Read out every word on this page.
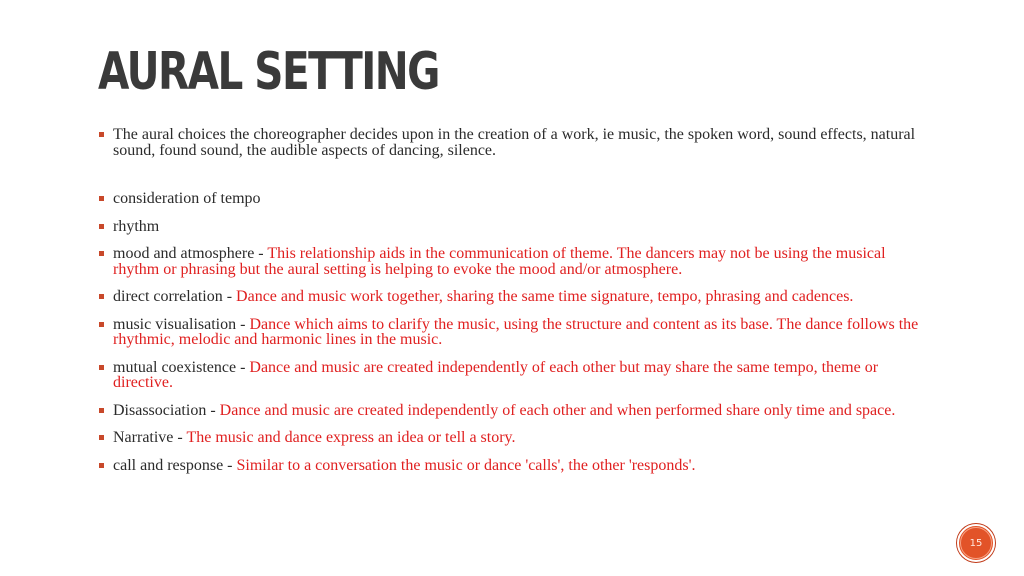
AURAL SETTING
The aural choices the choreographer decides upon in the creation of a work, ie music, the spoken word, sound effects, natural sound, found sound, the audible aspects of dancing, silence.
consideration of tempo
rhythm
mood and atmosphere - This relationship aids in the communication of theme. The dancers may not be using the musical rhythm or phrasing but the aural setting is helping to evoke the mood and/or atmosphere.
direct correlation - Dance and music work together, sharing the same time signature, tempo, phrasing and cadences.
music visualisation - Dance which aims to clarify the music, using the structure and content as its base. The dance follows the rhythmic, melodic and harmonic lines in the music.
mutual coexistence - Dance and music are created independently of each other but may share the same tempo, theme or directive.
Disassociation - Dance and music are created independently of each other and when performed share only time and space.
Narrative - The music and dance express an idea or tell a story.
call and response - Similar to a conversation the music or dance 'calls', the other 'responds'.
15
